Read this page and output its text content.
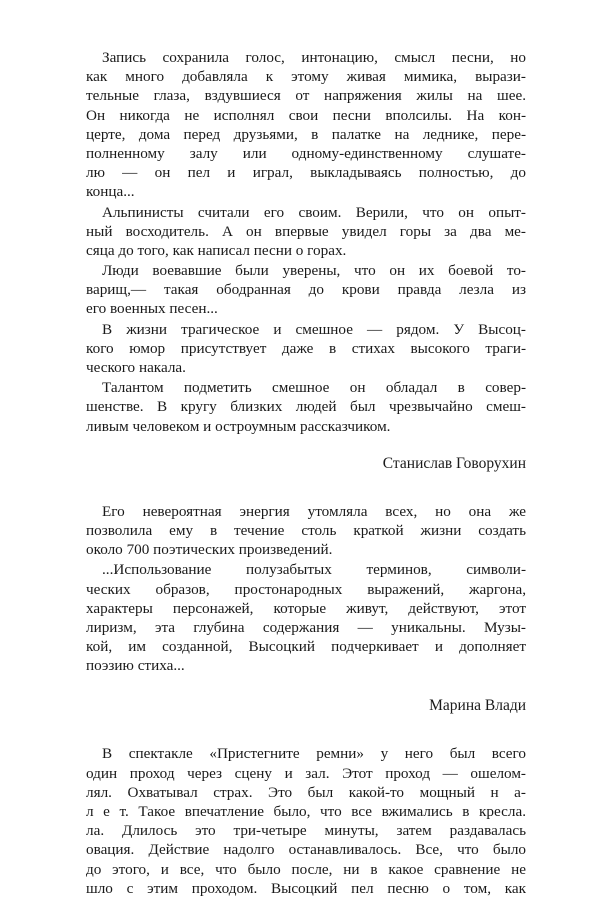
Запись сохранила голос, интонацию, смысл песни, но
как много добавляла к этому живая мимика, вырази-
тельные глаза, вздувшиеся от напряжения жилы на шее.
Он никогда не исполнял свои песни вполсилы. На кон-
церте, дома перед друзьями, в палатке на леднике, пере-
полненному залу или одному-единственному слушате-
лю — он пел и играл, выкладываясь полностью, до
конца...
Альпинисты считали его своим. Верили, что он опыт-
ный восходитель. А он впервые увидел горы за два ме-
сяца до того, как написал песни о горах.
Люди воевавшие были уверены, что он их боевой то-
варищ,— такая ободранная до крови правда лезла из
его военных песен...
В жизни трагическое и смешное — рядом. У Высоц-
кого юмор присутствует даже в стихах высокого траги-
ческого накала.
Талантом подметить смешное он обладал в совер-
шенстве. В кругу близких людей был чрезвычайно смеш-
ливым человеком и остроумным рассказчиком.
Станислав Говорухин
Его невероятная энергия утомляла всех, но она же
позволила ему в течение столь краткой жизни создать
около 700 поэтических произведений.
...Использование полузабытых терминов, символи-
ческих образов, простонародных выражений, жаргона,
характеры персонажей, которые живут, действуют, этот
лиризм, эта глубина содержания — уникальны. Музы-
кой, им созданной, Высоцкий подчеркивает и дополняет
поэзию стиха...
Марина Влади
В спектакле «Пристегните ремни» у него был всего
один проход через сцену и зал. Этот проход — ошелом-
лял. Охватывал страх. Это был какой-то мощный н а-
л е т. Такое впечатление было, что все вжимались в кресла.
ла. Длилось это три-четыре минуты, затем раздавалась
овация. Действие надолго останавливалось. Все, что было
до этого, и все, что было после, ни в какое сравнение не
шло с этим проходом. Высоцкий пел песню о том, как
